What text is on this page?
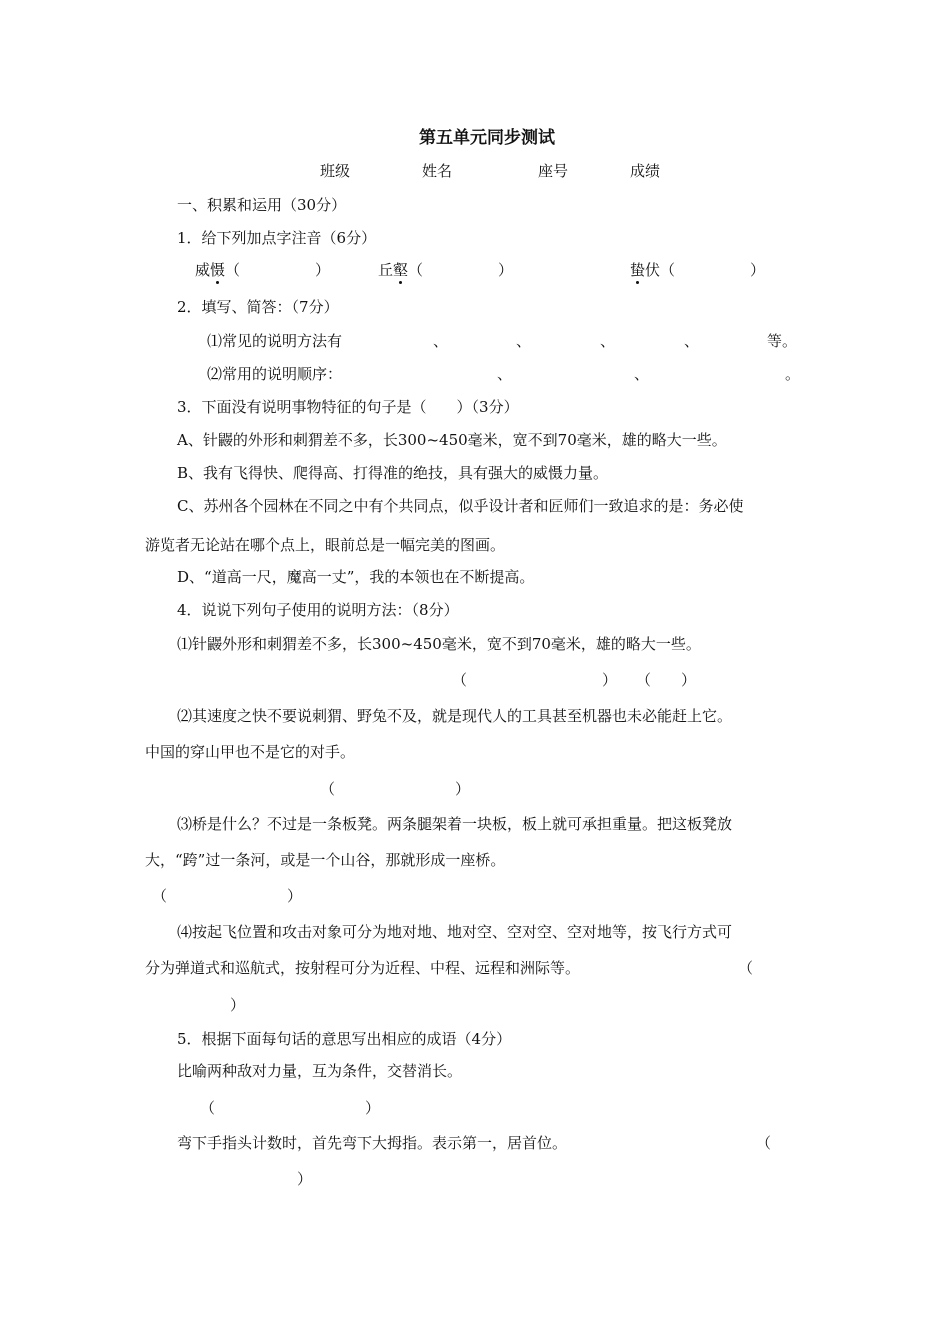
第五单元同步测试
班级	姓名	座号	成绩
一、积累和运用（30分）
1．给下列加点字注音（6分）
威慑（　　　　　）	丘壑（　　　　　）	蛰伏（　　　　　）
2．填写、简答：（7分）
⑴常见的说明方法有	、	、	、	、	等。
⑵常用的说明顺序：	、	、	。
3．下面没有说明事物特征的句子是（　　）（3分）
A、针鼹的外形和刺猬差不多，长300~450毫米，宽不到70毫米，雄的略大一些。
B、我有飞得快、爬得高、打得准的绝技，具有强大的威慑力量。
C、苏州各个园林在不同之中有个共同点，似乎设计者和匠师们一致追求的是：务必使
游览者无论站在哪个点上，眼前总是一幅完美的图画。
D、“道高一尺，魔高一丈”，我的本领也在不断提高。
4．说说下列句子使用的说明方法：（8分）
⑴针鼹外形和刺猬差不多，长300~450毫米，宽不到70毫米，雄的略大一些。
（　　　　　　　　　） （　　）
⑵其速度之快不要说刺猬、野兔不及，就是现代人的工具甚至机器也未必能赶上它。
中国的穿山甲也不是它的对手。
（　　　　　　　　）
⑶桥是什么？不过是一条板凳。两条腿架着一块板，板上就可承担重量。把这板凳放
大，“跨”过一条河，或是一个山谷，那就形成一座桥。
（　　　　　　　　）
⑷按起飞位置和攻击对象可分为地对地、地对空、空对空、空对地等，按飞行方式可
分为弹道式和巡航式，按射程可分为近程、中程、远程和洲际等。	（
）
5．根据下面每句话的意思写出相应的成语（4分）
比喻两种敌对力量，互为条件，交替消长。
（　　　　　　　　　　）
弯下手指头计数时，首先弯下大拇指。表示第一，居首位。	（
）
